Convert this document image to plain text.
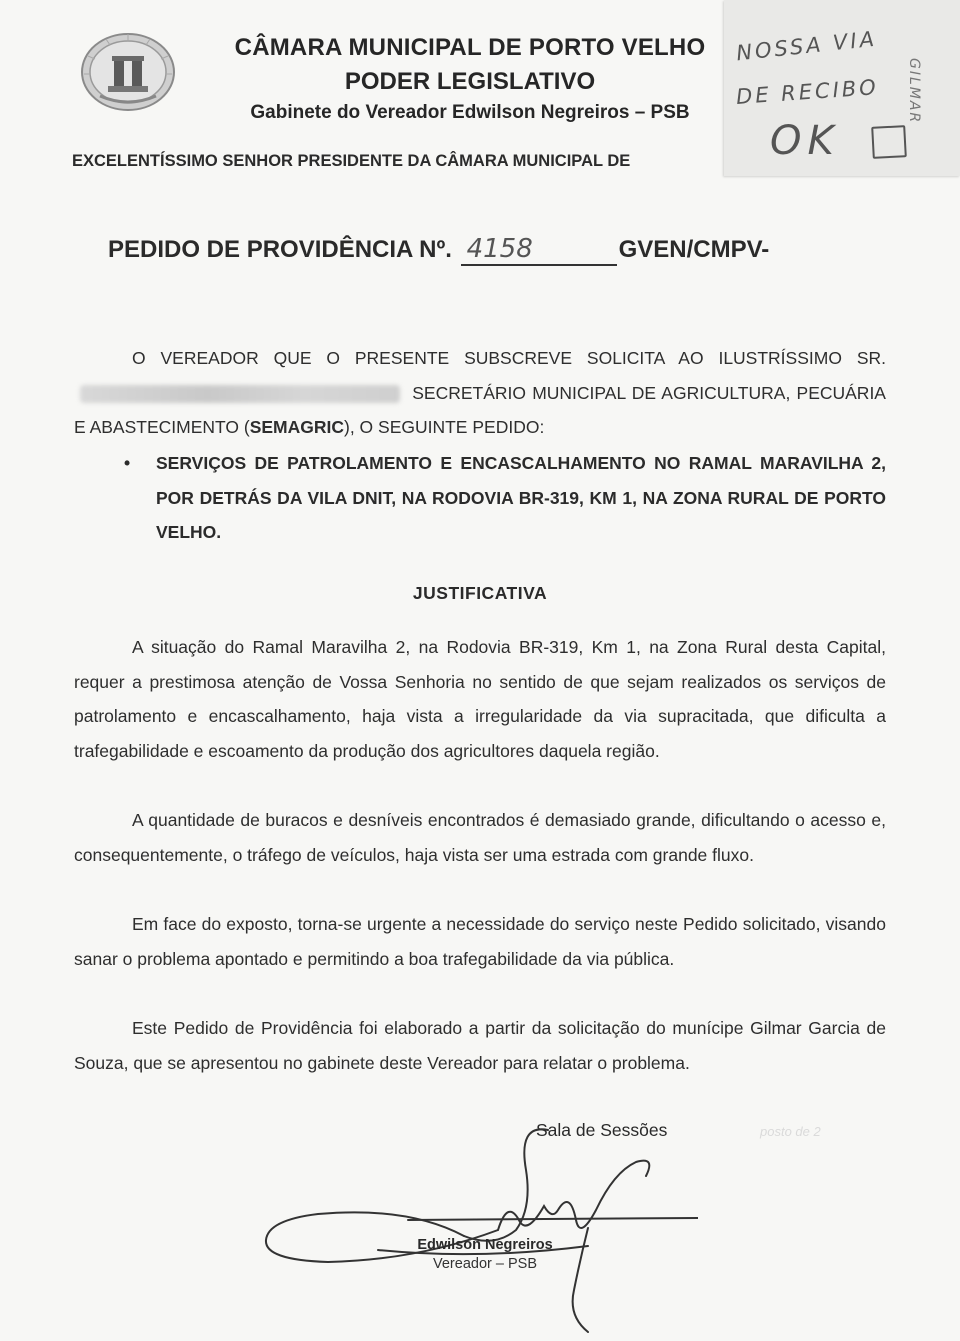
CÂMARA MUNICIPAL DE PORTO VELHO
PODER LEGISLATIVO
Gabinete do Vereador Edwilson Negreiros – PSB
EXCELENTÍSSIMO SENHOR PRESIDENTE DA CÂMARA MUNICIPAL DE
NOSSA VIA
DE RECIBO
OK
GILMAR
PEDIDO DE PROVIDÊNCIA Nº. 4158	GVEN/CMPV-
O VEREADOR QUE O PRESENTE SUBSCREVE SOLICITA AO ILUSTRÍSSIMO SR.  SECRETÁRIO MUNICIPAL DE AGRICULTURA, PECUÁRIA E ABASTECIMENTO (SEMAGRIC), O SEGUINTE PEDIDO:
• SERVIÇOS DE PATROLAMENTO E ENCASCALHAMENTO NO RAMAL MARAVILHA 2, POR DETRÁS DA VILA DNIT, NA RODOVIA BR-319, KM 1, NA ZONA RURAL DE PORTO VELHO.
JUSTIFICATIVA
A situação do Ramal Maravilha 2, na Rodovia BR-319, Km 1, na Zona Rural desta Capital, requer a prestimosa atenção de Vossa Senhoria no sentido de que sejam realizados os serviços de patrolamento e encascalhamento, haja vista a irregularidade da via supracitada, que dificulta a trafegabilidade e escoamento da produção dos agricultores daquela região.
A quantidade de buracos e desníveis encontrados é demasiado grande, dificultando o acesso e, consequentemente, o tráfego de veículos, haja vista ser uma estrada com grande fluxo.
Em face do exposto, torna-se urgente a necessidade do serviço neste Pedido solicitado, visando sanar o problema apontado e permitindo a boa trafegabilidade da via pública.
Este Pedido de Providência foi elaborado a partir da solicitação do munícipe Gilmar Garcia de Souza, que se apresentou no gabinete deste Vereador para relatar o problema.
Sala de Sessões	posto de 2
Edwilson Negreiros
Vereador – PSB
